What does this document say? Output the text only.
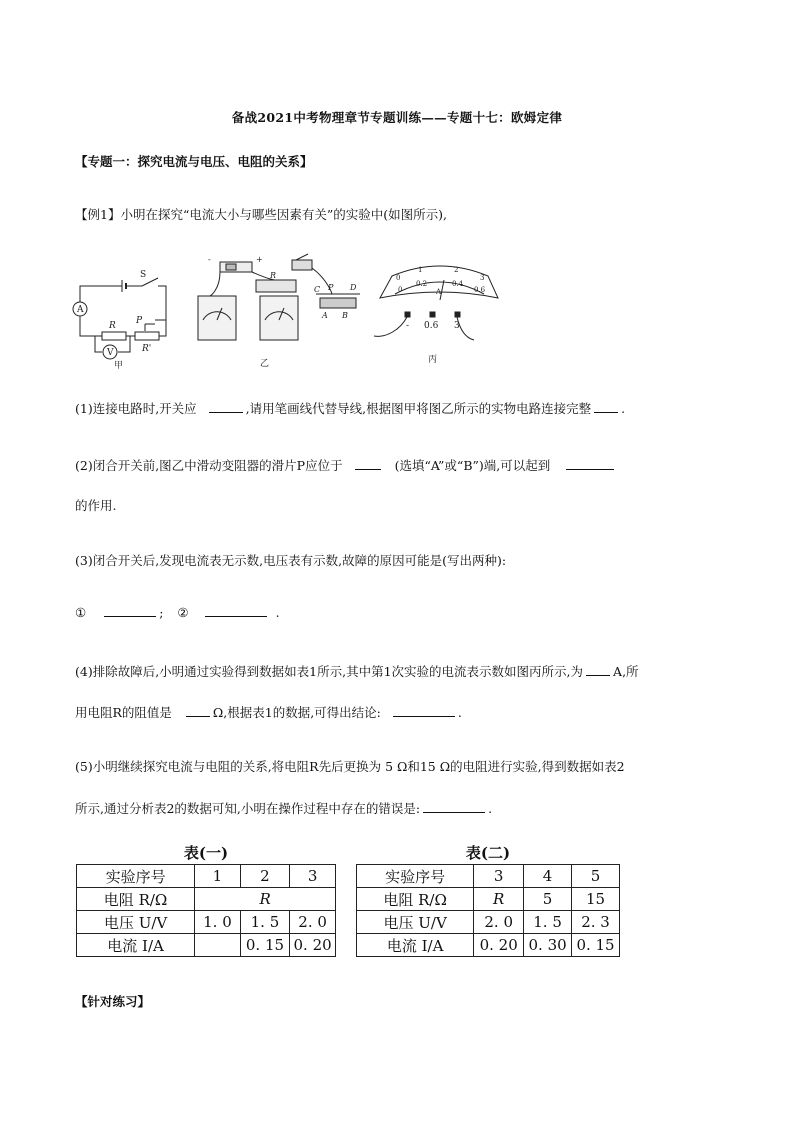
备战2021中考物理章节专题训练——专题十七：欧姆定律
【专题一：探究电流与电压、电阻的关系】
【例1】小明在探究“电流大小与哪些因素有关”的实验中(如图所示),
S
A
V
R P
R'
甲
-	+
R
C P D
A B
乙
0
1	2
3
0
0.2	0.4
0.6
A
- 0.6 3
丙
(1)连接电路时,开关应	,请用笔画线代替导线,根据图甲将图乙所示的实物电路连接完整 .
(2)闭合开关前,图乙中滑动变阻器的滑片P应位于	(选填“A”或“B”)端,可以起到
的作用.
(3)闭合开关后,发现电流表无示数,电压表有示数,故障的原因可能是(写出两种):
①	; ②	.
(4)排除故障后,小明通过实验得到数据如表1所示,其中第1次实验的电流表示数如图丙所示,为 A,所
用电阻R的阻值是	Ω,根据表1的数据,可得出结论:	.
(5)小明继续探究电流与电阻的关系,将电阻R先后更换为 5 Ω和15 Ω的电阻进行实验,得到数据如表2
所示,通过分析表2的数据可知,小明在操作过程中存在的错误是:	.
表(一)
实验序号	1	2	3
电阻 R/Ω	R		
电压 U/V	1. 0	1. 5	2. 0
电流 I/A		0. 15	0. 20
表(二)
实验序号	3	4	5
电阻 R/Ω	R	5	15
电压 U/V	2. 0	1. 5	2. 3
电流 I/A	0. 20	0. 30	0. 15
【针对练习】
